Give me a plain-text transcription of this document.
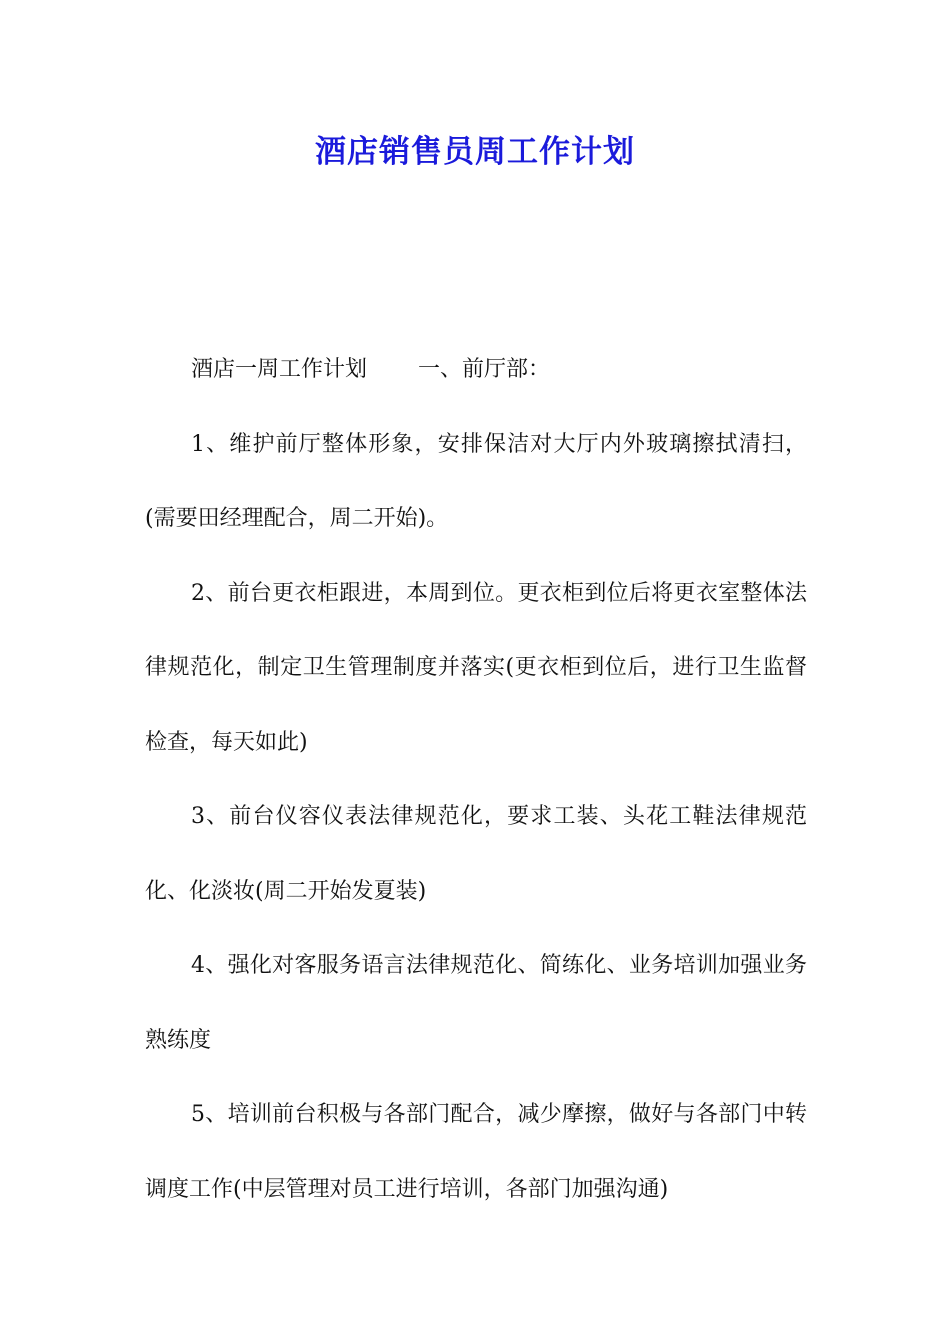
酒店销售员周工作计划

酒店一周工作计划　　 一、前厅部：

1、维护前厅整体形象，安排保洁对大厅内外玻璃擦拭清扫，(需要田经理配合，周二开始)。

2、前台更衣柜跟进，本周到位。更衣柜到位后将更衣室整体法律规范化，制定卫生管理制度并落实(更衣柜到位后，进行卫生监督检查，每天如此)

3、前台仪容仪表法律规范化，要求工装、头花工鞋法律规范化、化淡妆(周二开始发夏装)

4、强化对客服务语言法律规范化、简练化、业务培训加强业务熟练度

5、培训前台积极与各部门配合，减少摩擦，做好与各部门中转调度工作(中层管理对员工进行培训，各部门加强沟通)
